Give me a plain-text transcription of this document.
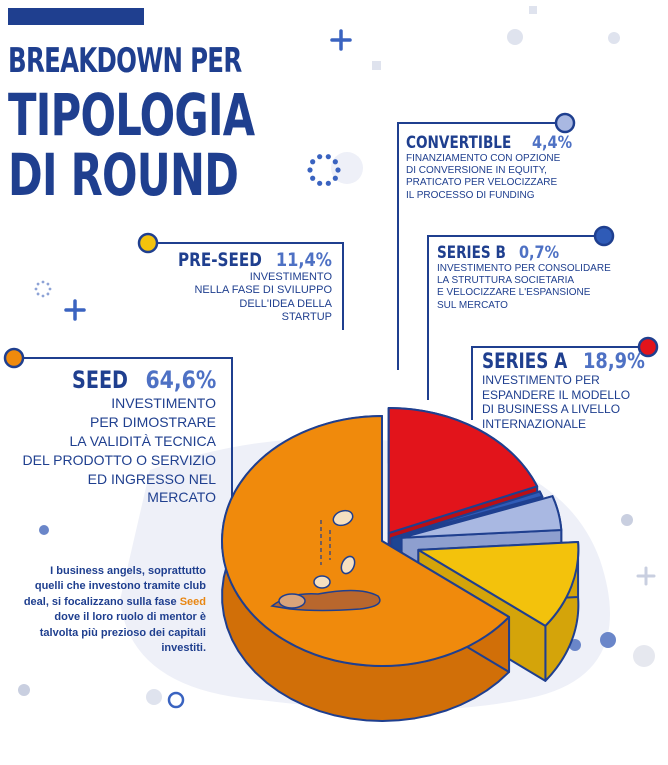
BREAKDOWN PER
TIPOLOGIA
DI ROUND	CONVERTIBLE 4,4%
FINANZIAMENTO CON OPZIONE
DI CONVERSIONE IN EQUITY,
PRATICATO PER VELOCIZZARE
IL PROCESSO DI FUNDING
SERIES B 0,7%
INVESTIMENTO PER CONSOLIDARE
LA STRUTTURA SOCIETARIA
E VELOCIZZARE L'ESPANSIONE
SUL MERCATO
PRE-SEED
11,4%
INVESTIMENTO
NELLA FASE DI SVILUPPO
DELL'IDEA DELLA STARTUP
SERIES A 18,9%
INVESTIMENTO PER
ESPANDERE IL MODELLO
DI BUSINESS A LIVELLO
INTERNAZIONALE
SEED
64,6%
INVESTIMENTO
PER DIMOSTRARE
LA VALIDITÀ TECNICA
DEL PRODOTTO O SERVIZIO
ED INGRESSO NEL MERCATO

I business angels, soprattutto quelli che investono tramite club deal, si focalizzano sulla fase Seed dove il loro ruolo di mentor è talvolta più prezioso dei capitali investiti.
